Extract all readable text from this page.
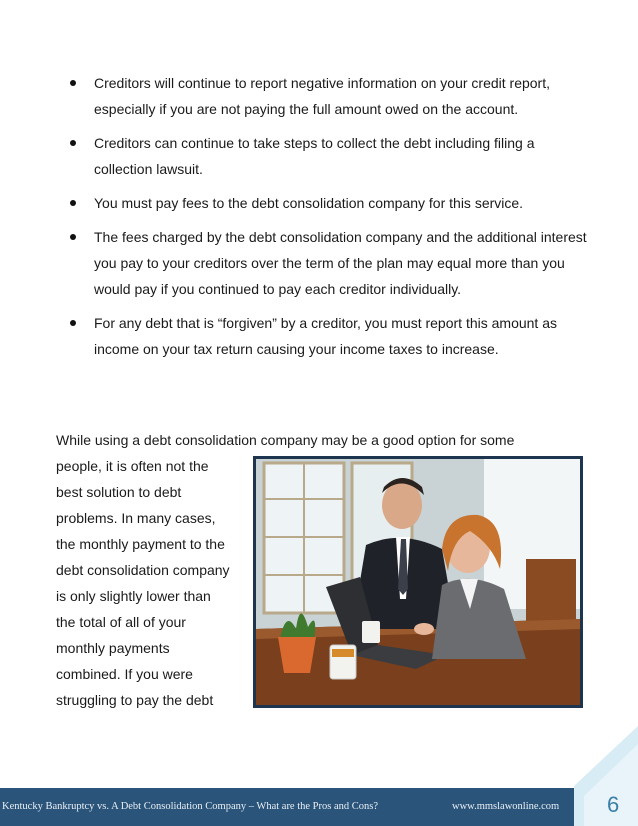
Creditors will continue to report negative information on your credit report, especially if you are not paying the full amount owed on the account.
Creditors can continue to take steps to collect the debt including filing a collection lawsuit.
You must pay fees to the debt consolidation company for this service.
The fees charged by the debt consolidation company and the additional interest you pay to your creditors over the term of the plan may equal more than you would pay if you continued to pay each creditor individually.
For any debt that is “forgiven” by a creditor, you must report this amount as income on your tax return causing your income taxes to increase.
While using a debt consolidation company may be a good option for some
people, it is often not the
best solution to debt
problems. In many cases,
the monthly payment to the
debt consolidation company
is only slightly lower than
the total of all of your
monthly payments
combined. If you were
struggling to pay the debt
Kentucky Bankruptcy vs. A Debt Consolidation Company – What are the Pros and Cons?	www.mmslawonline.com 6
